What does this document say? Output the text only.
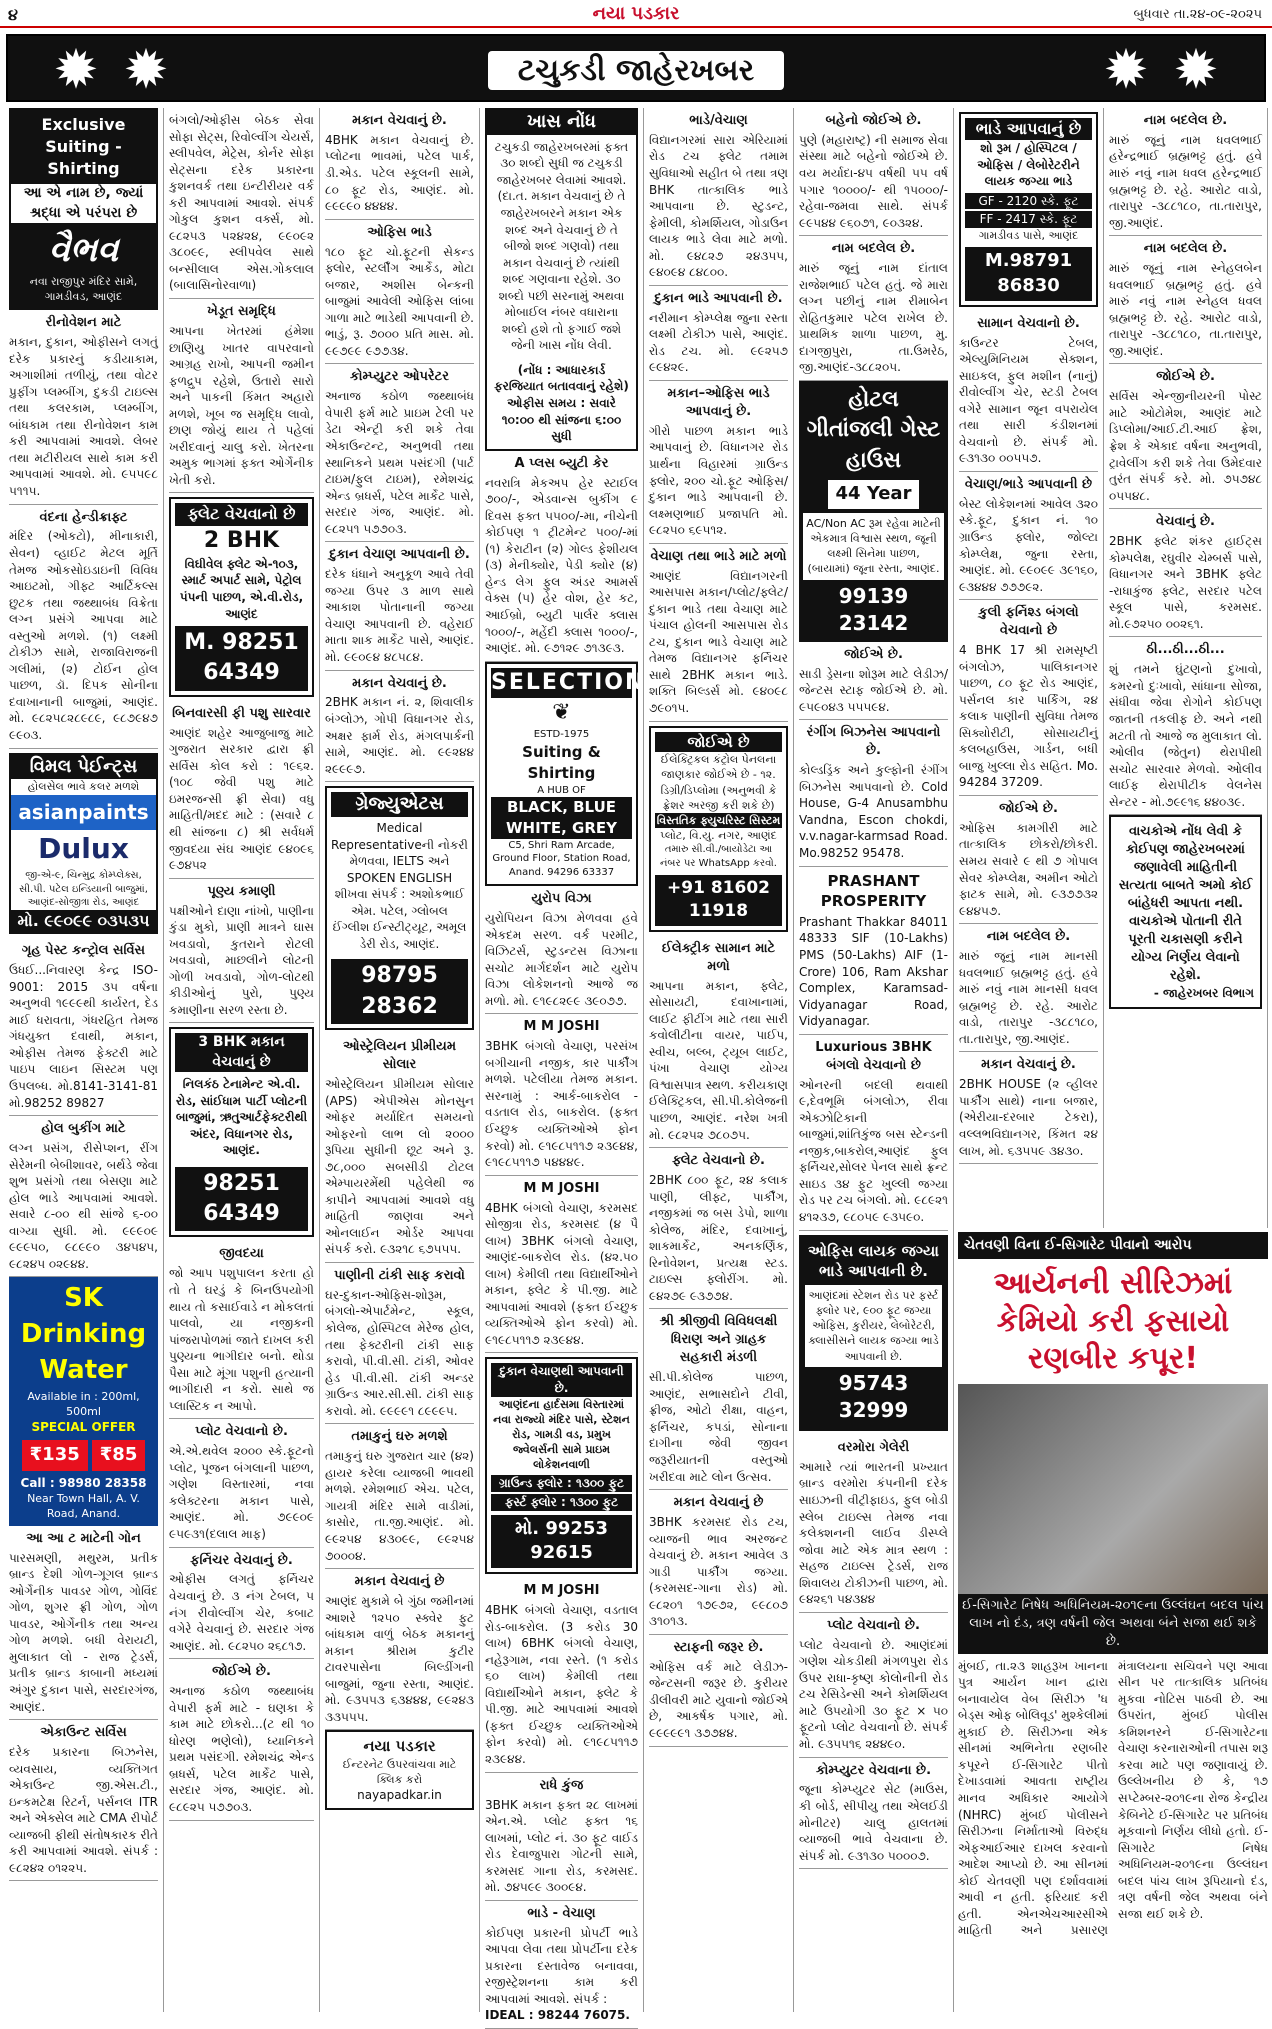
૪	નયા પડકાર	બુધવાર તા.૨૪-૦૯-૨૦૨૫
✹ ✹	ટચુકડી જાહેરખબર	✹ ✹
Exclusive Suiting - Shirting
આ એ નામ છે, જ્યાં શ્રદ્ધા એ પરંપરા છે
વૈભવ
નવા રાજીપુર મંદિર સામે, ગામડીવડ, આણંદ
રીનોવેશન માટે

મકાન, દુકાન, ઓફીસને લગતું દરેક પ્રકારનું કડીયાકામ, અગાશીમાં તળીયું, તથા વોટર પ્રુફીંગ પ્લમ્બીંગ, દુકડી ટાઇલ્સ તથા કલરકામ, પ્લમ્બીંગ, બાંધકામ તથા રીનોવેશન કામ કરી આપવામાં આવશે. લેબર તથા મટીરીયલ સાથે કામ કરી આપવામાં આવશે. મો. ૯૫૫૯૮ ૫૧૧૫.

વંદના હેન્ડીક્રાફ્ટ

મંદિર (ઓકટો), મીનાકારી, સેવન) વ્હાઈટ મેટલ મૂર્તિ તેમજ ઓકસોઇડાઇની વિવિધ આઇટમો, ગીફ્ટ આર્ટિકલ્સ છુટક તથા જથ્થાબંધ વિક્રેતા લગ્ન પ્રસંગે આપવા માટે વસ્તુઓ મળશે. (૧) લક્ષ્મી ટોકીઝ સામે, રાજાવિરાજની ગલીમાં, (૨) ટોઈન હોલ પાછળ, ડૉ. દિપક સોનીના દવાખાનાની બાજુમાં, આણંદ. મો. ૯૮૨૫૮૨૮૯૮૯, ૯૮૭૯૪૭ ૯૯૦૩.

વિમલ પેઈન્ટ્સ
હોલસેલ ભાવે કલર મળશે
asianpaints
Dulux
જી-એ-૯, ચિન્મુદ્ર કોમ્પ્લેક્સ, સી.પી. પટેલ ઇન્ડિયાની બાજુમાં, આણંદ-સોજીત્રા રોડ, આણંદ
મો. ૯૯૦૯૯ ૦૩૫૩૫
ગૃહ પેસ્ટ કન્ટ્રોલ સર્વિસ

ઉધઈ...નિવારણ કેન્દ્ર ISO-9001: 2015 ૩૫ વર્ષના અનુભવી ૧૯૯૯થી કાર્યરત, દેડ માઈ ધરાવતા, ગંધરહિત તેમજ ગંધયુક્ત દવાથી, મકાન, ઓફીસ તેમજ ફેક્ટરી માટે પાઇપ લાઇન સિસ્ટમ પણ ઉપલબ્ધ. મો.8141-3141-81 મો.98252 89827

હોલ બુકીંગ માટે

લગ્ન પ્રસંગ, રીસેપ્શન, રીંગ સેરેમની બેબીશાવર, બર્થડે જેવા શુભ પ્રસંગો તથા બેસણા માટે હોલ ભાડે આપવામાં આવશે. સવારે ૮-૦૦ થી સાંજે ૬-૦૦ વાગ્યા સુધી. મો. ૯૯૯૦૯ ૯૯૯૫૦, ૯૮૯૯૦ ૩૪૫૪૫, ૯૮૨૪૫ ૦૨૯૪૪.

SK Drinking Water
Available in : 200ml, 500ml
SPECIAL OFFER
₹135 ₹85
Call : 98980 28358
Near Town Hall, A. V. Road, Anand.
આ આ ટ માટેની ગોન

પારસમણી, મથુરમ, પ્રતીક બ્રાન્ડ દેશી ગોળ-ગૂગલ બ્રાન્ડ ઓર્ગેનીક પાવડર ગોળ, ગોવિંદ ગોળ, શુગર ફ્રી ગોળ, ગોળ પાવડર, ઓર્ગેનીક તથા અન્ય ગોળ મળશે. બધી વેરાયટી, મુલાકાત લો - રાજ ટ્રેડર્સ, પ્રતીક બ્રાન્ડ કાબાની મધ્યમાં અંગુર દુકાન પાસે, સરદારગંજ, આણંદ.

એકાઉન્ટ સર્વિસ

દરેક પ્રકારના બિઝનેસ, વ્યવસાય, વ્યક્તિગત એકાઉન્ટ જી.એસ.ટી., ઇન્કમટેક્ષ રિટર્ન, પર્સનલ ITR અને એક્સેલ માટે CMA રીપોર્ટ વ્યાજબી ફીથી સંતોષકારક રીતે કરી આપવામાં આવશે. સંપર્ક : ૯૮૨૪૨ ૦૧૨૨૫.

બંગલો/ઓફીસ બેઠક સેવા સોફા સેટ્સ, રિવોલ્વીંગ ચેયર્સ, સ્લીપવેલ, મેટ્રેસ, કોર્નર સોફા સેટ્સના દરેક પ્રકારના કુશનવર્ક તથા ઇન્ટીરીયર વર્ક કરી આપવામાં આવશે. સંપર્ક ગોકુલ કુશન વર્ક્સ, મો. ૯૮૨૫૩ ૫૨૪૨૪, ૯૯૦૯૨ ૩૮૦૯૯, સ્લીપવેલ સાથે બન્સીલાલ એસ.ગોકલાલ (બાલાસિનોરવાળા)

ખેડૂત સમૃદ્ધિ

આપના ખેતરમાં હંમેશા છાણિયુ ખાતર વાપરવાનો આગ્રહ રાખો, આપની જમીન ફળદ્રુપ રહેશે, ઉતારો સારો અને પાકની કિંમત અહારો મળશે, ખૂબ જ સમૃદ્ધિ લાવો, છાણ જોયું થાય તે પહેલાં ખરીદવાનું ચાલુ કરો. ખેતરના અમુક ભાગમાં ફક્ત ઓર્ગેનીક ખેતી કરો.

ફ્લેટ વેચવાનો છે
2 BHK
વિઘીવેલ ફ્લેટ એ-૧૦૩, સ્માર્ટ અપાર્ટ સામે, પેટ્રોલ પંપની પાછળ, એ.વી.રોડ, આણંદ
M. 98251 64349
બિનવારસી ફી પશુ સારવાર

આણંદ શહેર આજુબાજુ માટે ગુજરાત સરકાર દ્વારા ફ્રી સર્વિસ કોલ કરો : ૧૯૬૨. (૧૦૮ જેવી પશુ માટે ઇમરજન્સી ફ્રી સેવા) વધુ માહિતી/મદદ માટે : (સવારે ૮ થી સાંજના ૮) શ્રી સર્વધર્મ જીવદયા સંઘ આણંદ ૯૪૦૯૬ ૯૭૪૫૨

પૂણ્ય કમાણી

પક્ષીઓને દાણા નાંખો, પાણીના કુંડા મુકો, પ્રાણી માત્રને ઘાસ ખવડાવો, કુતરાને રોટલી ખવડાવો, માછલીને લોટની ગોળી ખવડાવો, ગોળ-લોટથી કીડીઓનું પુરો, પુણ્ય કમાણીના સરળ રસ્તા છે.

3 BHK મકાન વેચવાનું છે
નિલકંઠ ટેનામેન્ટ એ.વી. રોડ, સાંઈધામ પાર્ટી પ્લોટની બાજુમાં, ઋતુઆર્ટફેક્ટરીથી અંદર, વિધાનગર રોડ, આણંદ.
98251 64349
જીવદયા

જો આપ પશુપાલન કરતા હો તો તે ઘરડું કે બિનઉપયોગી થાય તો કસાઈવાડે ન મોકલતાં પાલવો, યા નજીકની પાંજરાપોળમાં જાતે દાખલ કરી પુણ્યના ભાગીદાર બનો. થોડા પૈસા માટે મૂંગા પશુની હત્યાની ભાગીદારી ન કરો. સાથે જ પ્લાસ્ટિક ન આપો.

પ્લોટ વેચવાનો છે.

એ.એ.થવેલ ૨૦૦૦ સ્કે.ફૂટનો પ્લોટ, પૂજન બંગલાની પાછળ, ગણેશ વિસ્તારમાં, નવા કલેક્ટરના મકાન પાસે, આણંદ. મો. ૭૯૯૦૯ ૯૫૯૩૧(દલાલ માફ)

ફર્નિચર વેચવાનું છે.

ઓફીસ લગતું ફર્નિચર વેચવાનું છે. ૩ નંગ ટેબલ, ૫ નંગ રીવોલ્વીંગ ચેર, કબાટ વગેરે વેચવાનું છે. સરદાર ગંજ આણંદ. મો. ૯૮૨૫૦ ૨૬૮૧૭.

જોઈએ છે.

અનાજ કઠોળ જથ્થાબંધ વેપારી ફર્મ માટે - ઘણકા કે કામ માટે છોકરો...(ટ થી ૧૦ ધોરણ ભણેલો), ધ્યાનિકને પ્રથમ પસંદગી. રમેશચંદ્ર એન્ડ બ્રધર્સ, પટેલ માર્કેટ પાસે, સરદાર ગંજ, આણંદ. મો. ૯૮૯૨૫ ૫૭૭૦૩.

મકાન વેચવાનું છે.

4BHK મકાન વેચવાનું છે. પ્લોટના ભાવમાં, પટેલ પાર્ક, ડી.એડ. પટેલ સ્કૂલની સામે, ૮૦ ફૂટ રોડ, આણંદ. મો. ૯૯૯૯૦ ૪૪૪૪.

ઓફિસ ભાડે

૧૮૦ ફૂટ ચો.ફૂટની સેકન્ડ ફ્લોર, સ્ટર્લીંગ આર્કેડ, મોટા બજાર, અશીસ બેન્કની બાજુમાં આવેલી ઓફિસ લાંબા ગાળા માટે ભાડેથી આપવાની છે. ભાડું, રૂ. ૭૦૦૦ પ્રતિ માસ. મો. ૯૯૭૯૯ ૯૭૭૩૪.

કોમ્પ્યુટર ઓપરેટર

અનાજ કઠોળ જથ્થાબંધ વેપારી ફર્મ માટે પ્રાઇમ ટેલી પર ડેટા એન્ટ્રી કરી શકે તેવા એકાઉન્ટન્ટ, અનુભવી તથા સ્થાનિકને પ્રથમ પસંદગી (પાર્ટ ટાઇમ/ફુલ ટાઇમ), રમેશચંદ્ર એન્ડ બ્રધર્સ, પટેલ માર્કેટ પાસે, સરદાર ગંજ, આણંદ. મો. ૯૮૨૫૧ ૫૭૭૦૩.

દુકાન વેચાણ આપવાની છે.

દરેક ધંધાને અનુકૂળ આવે તેવી જગ્યા ઉપર ૩ માળ સાથે આકાશ પોતાનાની જગ્યા વેચાણ આપવાની છે. વહેરાઈ માતા શાક માર્કેટ પાસે, આણંદ. મો. ૯૯૦૯૪ ૪૮૫૮૪.

મકાન વેચવાનું છે.

2BHK મકાન નં. ૨, શિવાલીક બંગ્લોઝ, ગોપી વિધાનગર રોડ, અક્ષર ફાર્મ રોડ, મંગલપાર્કની સામે, આણંદ. મો. ૯૯૨૪૪ ૨૯૯૯૭.

ગ્રેજ્યુએટસ
Medical Representativeની નોકરી મેળવવા, IELTS અને SPOKEN ENGLISH શીખવા સંપર્ક : અશોકભાઈ એમ. પટેલ, ગ્લોબલ ઈંગ્લીશ ઈન્સ્ટીટ્યૂટ, અમૂલ ડેરી રોડ, આણંદ.
98795 28362
ઓસ્ટ્રેલિયન પ્રીમીયમ સોલાર

ઓસ્ટ્રેલિયન પ્રીમીયમ સોલાર (APS) એપીએસ મોનસુન ઓફર મર્યાદિત સમયનો ઓફરનો લાભ લો ૨૦૦૦ રૂપિયા સુધીની છૂટ અને રૂ. ૭૮,૦૦૦ સબસીડી ટોટલ એમ્પાયરમેંથી પહેલેથી જ કાપીને આપવામાં આવશે વધુ માહિતી જાણવા અને ઓનલાઈન ઓર્ડર આપવા સંપર્ક કરો. ૯૩૨૧૮ ૬૭૫૫૫.

પાણીની ટાંકી સાફ કરાવો

ઘર-દુકાન-ઓફિસ-શોરૂમ, બંગલો-એપાર્ટમેન્ટ, સ્કૂલ, કોલેજ, હોસ્પિટલ મેરેજ હોલ, તથા ફેક્ટરીની ટાંકી સાફ કરાવો, પી.વી.સી. ટાંકી, ઓવર હેડ પી.વી.સી. ટાંકી અન્ડર ગ્રાઉન્ડ આર.સી.સી. ટાંકી સાફ કરાવો. મો. ૯૯૯૯૧ ૮૯૯૯૫.

તમાકુનું ઘરુ મળશે

તમાકુનું ઘરુ ગુજરાત ચાર (૪૨) હાયર કરેલા વ્યાજબી ભાવથી મળશે. રમેશભાઈ એચ. પટેલ, ગાયત્રી મંદિર સામે વાડીમાં, કાસોર, તા.જી.આણંદ. મો. ૯૯૨૫૪ ૪૩૦૯૯, ૯૯૨૫૪ ૭૦૦૦૪.

મકાન વેચવાનું છે

આણંદ મુકામે બે ગુંઠા જમીનમાં આશરે ૧૨૫૦ સ્ક્વેર ફુટ બાંધકામ વાળું બેઠક મકાનનું મકાન શ્રીરામ કુટીર ટાવરપાસેના બિલ્ડીંગની બાજુમાં, જુના રસ્તા, આણંદ. મો. ૯૩૫૫૩ ૬૩૪૪૪, ૯૯૨૪૩ ૩૩૫૫૫.

નયા પડકાર
ઈન્ટરનેટ ઉપરવાંચવા માટે ક્લિક કરો
nayapadkar.in
ખાસ નોંધ
ટચુકડી જાહેરખબરમાં ફક્ત ૩૦ શબ્દો સુધી જ ટચુકડી જાહેરખબર લેવામાં આવશે. (દા.ત. મકાન વેચવાનું છે તે જાહેરખબરને મકાન એક શબ્દ અને વેચવાનું છે તે બીજો શબ્દ ગણવો) તથા મકાન વેચવાનું છે ત્યાંથી શબ્દ ગણવાના રહેશે. ૩૦ શબ્દો પછી સરનામું અથવા મોબાઈલ નંબર વધારાના શબ્દો હશે તો ફગાઈ જશે જેની ખાસ નોંધ લેવી.
(નોંધ : આધારકાર્ડ ફરજિયાત બતાવવાનું રહેશે) ઓફીસ સમય : સવારે ૧૦:૦૦ થી સાંજના ૬:૦૦ સુધી
A પ્લસ બ્યુટી કેર

નવરાત્રિ મેકઅપ હેર સ્ટાઈલ ૭૦૦/-, એડવાન્સ બુકીંગ ૯ દિવસ ફક્ત ૫૫૦૦/-મા, નીચેની કોઈપણ ૧ ટ્રીટમેન્ટ ૫૦૦/-માં (૧) કેરાટીન (૨) ગોલ્ડ ફેશીયલ (૩) મેનીક્યોર, પેડી ક્યોર (૪) હેન્ડ લેગ ફુલ અંડર આમર્સ વેક્સ (૫) હેર વોશ, હેર કટ, આઈબ્રો, બ્યુટી પાર્લર ક્લાસ ૧૦૦૦/-, મહેંદી ક્લાસ ૧૦૦૦/-, આણંદ. મો. ૯૭૧૨૯ ૭૧૩૯૩.

SELECTION
❦
ESTD-1975
Suiting & Shirting
A HUB OF
BLACK, BLUE WHITE, GREY
C5, Shri Ram Arcade, Ground Floor, Station Road, Anand. 94296 63337
યુરોપ વિઝા

યુરોપિયન વિઝા મેળવવા હવે એકદમ સરળ. વર્ક પરમીટ, વિઝિટર્સ, સ્ટુડન્ટસ વિઝાના સચોટ માર્ગદર્શન માટે યુરોપ વિઝા લોકેશનનો આજે જ મળો. મો. ૯૧૯૮૨૯૯ ૩૯૦૭૭.

M M JOSHI

3BHK બંગલો વેચાણ, પરસંખ બગીચાની નજીક, કાર પાર્કીંગ મળશે. પટેલીયા તેમજ મકાન. સરનામું : આર્ક-બાકરોલ - વડતાલ રોડ, બાકરોલ. (ફક્ત ઈચ્છુક વ્યક્તિઓએ ફોન કરવો) મો. ૯૧૯૮૫૧૧૭ ૨૩૯૪૪, ૯૧૯૮૫૧૧૭ ૫૪૪૪૯.

M M JOSHI

4BHK બંગલો વેચાણ, કરમસદ સોજીત્રા રોડ, કરમસદ (૪ પૈ લાખ) 3BHK બંગલો વેચાણ, આણંદ-બાકરોલ રોડ. (૪૨.૫૦ લાખ) કેમીલી તથા વિદ્યાર્થીઓને મકાન, ફ્લેટ કે પી.જી. માટે આપવામાં આવશે (ફક્ત ઈચ્છુક વ્યક્તિઓએ ફોન કરવો) મો. ૯૧૯૮૫૧૧૭ ૨૩૯૪૪.

દુકાન વેચાણથી આપવાની છે.
આણંદના હાર્દસમા વિસ્તારમાં નવા રાજ્યો મંદિર પાસે, સ્ટેશન રોડ, ગામડી વડ, પ્રમુખ જ્વેલર્સની સામે પ્રાઇમ લોકેશનવાળી
ગ્રાઉન્ડ ફ્લોર : ૧૩૦૦ ફુટ
ફર્સ્ટ ફ્લોર : ૧૩૦૦ ફુટ
મો. 99253 92615
M M JOSHI

4BHK બંગલો વેચાણ, વડતાલ રોડ-બાકરોલ. (3 કરોડ 30 લાખ) 6BHK બંગલો વેચાણ, નહેરૂગામ, નવા રસ્તે. (૧ કરોડ ૬૦ લાખ) કેમીલી તથા વિદ્યાર્થીઓને મકાન, ફ્લેટ કે પી.જી. માટે આપવામાં આવશે (ફક્ત ઈચ્છુક વ્યક્તિઓએ ફોન કરવો) મો. ૯૧૯૮૫૧૧૭ ૨૩૯૪૪.

રાધે કુંજ

3BHK મકાન ફક્ત ૨૮ લાખમાં એન.એ. પ્લોટ ફક્ત ૧૬ લાખમાં, પ્લોટ નં. ૩૦ ફૂટ વાઈડ રોડ દેવાજુપારા ગોટની સામે, કરમસદ ગાના રોડ, કરમસદ. મો. ૭૪૫૯૯ ૩૦૦૯૪.

ભાડે - વેચાણ

કોઈપણ પ્રકારની પ્રોપર્ટી ભાડે આપવા લેવા તથા પ્રોપર્ટીના દરેક પ્રકારના દસ્તાવેજ બનાવવા, રજીસ્ટ્રેશનના કામ કરી આપવામાં આવશે. સંપર્ક :

IDEAL : 98244 76075.

ભાડે/વેચાણ

વિદ્યાનગરમાં સારા એરિયામાં રોડ ટચ ફ્લેટ તમામ સુવિધાઓ સહીત બે તથા ત્રણ BHK તાત્કાલિક ભાડે આપવાના છે. સ્ટુડન્ટ, ફેમીલી, કોમર્શિયલ, ગોડાઉન લાયક ભાડે લેવા માટે મળો. મો. ૯૪૮૨૭ ૨૪૩૫૫, ૯૪૦૯૪ ૮૪૮૦૦.

દુકાન ભાડે આપવાની છે.

નરીમાન કોમ્પ્લેક્ષ જુના રસ્તા લક્ષ્મી ટોકીઝ પાસે, આણંદ. રોડ ટચ. મો. ૯૯૨૫૭ ૯૯૪૨૯.

મકાન–ઓફિસ ભાડે આપવાનું છે.

ગીરો પાછળ મકાન ભાડે આપવાનું છે. વિધાનગર રોડ પ્રાર્થના વિહારમાં ગ્રાઉન્ડ ફ્લોર, ૨૦૦ ચો.ફૂટ ઓફિસ/દુકાન ભાડે આપવાની છે. લક્ષ્મણભાઈ પ્રજાપતિ મો. ૯૮૨૫૦ ૬૯૫૧૨.

વેચાણ તથા ભાડે માટે મળો

આણંદ વિદ્યાનગરની આસપાસ મકાન/પ્લોટ/ફ્લેટ/દુકાન ભાડે તથા વેચાણ માટે પંચાલ હોલની આસપાસ રોડ ટચ, દુકાન ભાડે વેચાણ માટે તેમજ વિદ્યાનગર ફર્નિચર સાથે 2BHK મકાન ભાડે. શક્તિ બિલ્ડર્સ મો. ૯૪૦૯૮ ૭૯૦૧૫.

જોઈએ છે
ઈલેક્ટ્રિકલ કંટ્રોલ પેનલના જાણકાર જોઈએ છે - ૧૨. ડિગ્રી/ડિપ્લોમા (અનુભવી કે ફ્રેશર અરજી કરી શકે છે)
વિસ્તતિક ફ્યુચરિસ્ટ સિસ્ટમ
પ્લોટ, વિ.યુ. નગર, આણંદ
તમારુ સી.વી./બાયોડેટા આ નંબર પર WhatsApp કરવો.
+91 81602 11918
ઈલેક્ટ્રીક સામાન માટે મળો

આપના મકાન, ફ્લેટ, સોસાયટી, દવાખાનામાં, લાઈટ ફીટીંગ માટે તથા સારી કવોલીટીના વાયર, પાઈપ, સ્વીચ, બલ્બ, ટ્યૂબ લાઈટ, પંખા વેચાણ યોગ્ય વિશ્વાસપાત્ર સ્થળ. કરીયકાણ ઈલેક્ટ્રિકલ, સી.પી.કોલેજની પાછળ, આણંદ. નરેશ ખત્રી મો. ૯૮૨૫૨ ૭૮૦૭૫.

ફ્લેટ વેચવાનો છે.

2BHK ૮૦૦ ફૂટ, ૨૪ કલાક પાણી, લીફ્ટ, પાર્કીંગ, નજીકમાં જ બસ ડેપો, શાળા કોલેજ, મંદિર, દવાખાનું, શાકમાર્કેટ, અનકર્ણિક, રિનોવેશન, પ્રત્યક્ષ સ્ટડ. ટાઇલ્સ ફ્લોરીંગ. મો. ૯૪૨૭૯ ૯૩૭૭૪.

શ્રી શ્રીજીવી વિવિધલક્ષી ધિરાણ અને ગ્રાહક સહકારી મંડળી

સી.પી.કોલેજ પાછળ, આણંદ, સભાસદોને ટીવી, ફ્રીજ, ઓટો રીક્ષા, વાહન, ફર્નિચર, કપડાં, સોનાના દાગીના જેવી જીવન જરૂરીયાતની વસ્તુઓ ખરીદવા માટે લોન ઉત્સવ.

મકાન વેચવાનું છે

3BHK કરમસદ રોડ ટચ, વ્યાજની ભાવ અરજન્ટ વેચવાનું છે. મકાન આવેલ ૩ ગાડી પાર્કીંગ જગ્યા. (કરમસદ-ગાના રોડ) મો. ૯૮૨૦૧ ૧૭૯૭૨, ૯૯૮૦૭ ૩૧૦૧૩.

સ્ટાફની જરૂર છે.

ઓફિસ વર્ક માટે લેડીઝ-જેન્ટસની જરૂર છે. કુરીયર ડીલીવરી માટે યુવાનો જોઈએ છે, આકર્ષક પગાર, મો. ૯૯૯૯૯૧ ૩૭૭૪૪.

બહેનો જોઈએ છે.

પુણે (મહારાષ્ટ્ર) ની સમાજ સેવા સંસ્થા માટે બહેનો જોઈએ છે. વય મર્યાદા-૪૫ વર્ષથી ૫૫ વર્ષ પગાર ૧૦૦૦૦/- થી ૧૫૦૦૦/- રહેવા-જમવા સાથે. સંપર્ક ૯૯૫૪૪ ૯૬૦૭૧, ૯૦૩૨૪.

નામ બદલેલ છે.

મારું જૂનું નામ દાંતાલ રાજેશભાઈ પટેલ હતું. જે મારા લગ્ન પછીનું નામ રીમાબેન રોહિતકુમાર પટેલ રાખેલ છે. પ્રાથમિક શાળા પાછળ, મુ. દાગજીપુરા, તા.ઉમરેઠ, જી.આણંદ-૩૮૮૨૦૫.

હોટલ ગીતાંજલી ગેસ્ટ હાઉસ
44 Year
AC/Non AC રૂમ રહેવા માટેની એકમાત્ર વિશ્વાસ સ્થળ, જૂની લક્ષ્મી સિનેમા પાછળ, (બાયામાં) જૂના રસ્તા, આણંદ.
99139 23142
જોઈએ છે.

સાડી ડ્રેસના શોરૂમ માટે લેડીઝ/જેન્ટસ સ્ટાફ જોઈએ છે. મો. ૯૫૯૦૪૩ ૫૫૫૯૪.

રંગીંગ બિઝનેસ આપવાનો છે.

કોલ્ડડ્રિંક અને કુલ્ફોની રંગીંગ બિઝનેસ આપવાનો છે. Cold House, G-4 Anusambhu Vandna, Escon chokdi, v.v.nagar-karmsad Road. Mo.98252 95478.

PRASHANT PROSPERITY

Prashant Thakkar 84011 48333 SIF (10-Lakhs) PMS (50-Lakhs) AIF (1-Crore) 106, Ram Akshar Complex, Karamsad-Vidyanagar Road, Vidyanagar.

Luxurious 3BHK બંગલો વેચવાનો છે

ઓનરની બદલી થવાથી ૯,દેવભૂમિ બંગલોઝ, રીવા એક્ઝોટિકાની બાજુમાં,શાંતિકુંજ બસ સ્ટેન્ડની નજીક,બાકરોલ,આણંદ ફુલ ફર્નિચર,સોલર પેનલ સાથે ફ્રન્ટ સાઇડ ૩૪ ફુટ ખુલ્લી જગ્યા રોડ પર ટચ બંગલો. મો. ૯૮૯૨૧ ૪૧૨૩૭, ૯૮૦૫૯ ૯૩૫૯૦.

ઓફિસ લાયક જગ્યા ભાડે આપવાની છે.
આણંદમાં સ્ટેશન રોડ પર ફર્સ્ટ ફ્લોર પર, ૯૦૦ ફૂટ જગ્યા ઓફિસ, કુરીયર, લેબોરેટરી, ક્લાસીસને લાયક જગ્યા ભાડે આપવાની છે.
95743 32999
વરમોરા ગેલેરી

આમારે ત્યાં ભારતની પ્રખ્યાત બ્રાન્ડ વરમોરા કંપનીની દરેક સાઇઝની વીટ્રીફાઇડ, ફુલ બોડી સ્લેબ ટાઇલ્સ તેમજ નવા કલેક્શનની લાઈવ ડીસ્પ્લે જોવા માટે એક માત્ર સ્થળ : સહજ ટાઇલ્સ ટ્રેડર્સ, રાજ શિવાલય ટોકીઝની પાછળ, મો. ૯૪૨૬૧ ૫૪૩૪૪

પ્લોટ વેચવાનો છે.

પ્લોટ વેચવાનો છે. આણંદમાં ગણેશ ચોકડીથી મંગળપુરા રોડ ઉપર રાધા-કૃષ્ણ કોલોનીની રોડ ટચ રેસિડેન્સી અને કોમર્શિયલ માટે ઉપયોગી ૩૦ ફૂટ × ૫૦ ફૂટનો પ્લોટ વેચવાનો છે. સંપર્ક મો. ૯૩૫૫૧૬ ૨૪૪૯૦.

કોમ્પ્યુટર વેચવાના છે.

જૂના કોમ્પ્યુટર સેટ (માઉસ, કી બોર્ડ, સીપીયુ તથા એલઈડી મોનીટર) ચાલુ હાલતમાં વ્યાજબી ભાવે વેચવાના છે. સંપર્ક મો. ૯૩૧૩૦ ૫૦૦૦૭.

ભાડે આપવાનું છે
શો રૂમ / હોસ્પિટલ / ઓફિસ / લેબોરેટરીને લાયક જગ્યા ભાડે
GF - 2120 સ્કે. ફૂટ
FF - 2417 સ્કે. ફૂટ
ગામડીવડ પાસે, આણંદ
M.98791 86830
સામાન વેચવાનો છે.

કાઉન્ટર ટેબલ, એલ્યુમિનિયમ સેક્શન, સાઇકલ, ફુલ મશીન (નાનું) રીવોલ્વીંગ ચેર, સ્ટડી ટેબલ વગેરે સામાન જૂન વપરાયેલ તથા સારી કંડીશનમાં વેચવાનો છે. સંપર્ક મો. ૯૩૧૩૦ ૦૦૫૫૭.

વેચાણ/ભાડે આપવાની છે

બેસ્ટ લોકેશનમાં આવેલ ૩૨૦ સ્કે.ફૂટ, દુકાન નં. ૧૦ ગ્રાઉન્ડ ફ્લોર, જોલ્ટા કોમ્પ્લેક્ષ, જુના રસ્તા, આણંદ. મો. ૯૯૦૯૯ ૩૯૧૬૦, ૯૩૪૪૪ ૭૭૭૯૨.

કુલી ફર્નિશ્ડ બંગલો વેચવાનો છે

4 BHK 17 શ્રી રામસૃષ્ટી બંગલોઝ, પાલિકાનગર પાછળ, ૮૦ ફૂટ રોડ આણંદ, પર્સનલ કાર પાર્કિંગ, ૨૪ કલાક પાણીની સુવિધા તેમજ સિક્યોરીટી, સોસાયટીનું કલબહાઉસ, ગાર્ડન, બધી બાજુ ખુલ્લા રોડ સહિત. Mo. 94284 37209.

જોઈએ છે.

ઓફિસ કામગીરી માટે તાત્કાલિક છોકરો/છોકરી. સમય સવારે ૯ થી ૭ ગોપાલ સેવર કોમ્પ્લેક્ષ, અમીન ઓટો ફાટક સામે, મો. ૯૩૭૭૩૨ ૯૪૪૫૭.

નામ બદલેલ છે.

મારું જૂનું નામ માનસી ધવલભાઈ બ્રહ્મભટ્ટ હતું. હવે મારું નવું નામ માનસી ધવલ બ્રહ્મભટ્ટ છે. રહે. આરોટ વાડો, તારાપુર -૩૮૮૧૮૦, તા.તારાપુર, જી.આણંદ.

મકાન વેચવાનું છે.

2BHK HOUSE (૨ વ્હીલર પાર્કીંગ સાથે) નાના બજાર, (એરીયા-દરબાર ટેકરા), વલ્લભવિદ્યાનગર, કિંમત ૨૪ લાખ, મો. ૬૩૫૫૯ ૩૪૩૦.

નામ બદલેલ છે.

મારું જૂનું નામ ધવલભાઈ હરેન્દ્રભાઈ બ્રહ્મભટ્ટ હતું. હવે મારું નવું નામ ધવલ હરેન્દ્રભાઈ બ્રહ્મભટ્ટ છે. રહે. આરોટ વાડો, તારાપુર -૩૮૮૧૮૦, તા.તારાપુર, જી.આણંદ.

નામ બદલેલ છે.

મારું જૂનું નામ સ્નેહલબેન ધવલભાઈ બ્રહ્મભટ્ટ હતું. હવે મારું નવું નામ સ્નેહલ ધવલ બ્રહ્મભટ્ટ છે. રહે. આરોટ વાડો, તારાપુર -૩૮૮૧૮૦, તા.તારાપુર, જી.આણંદ.

જોઈએ છે.

સર્વિસ એન્જીનીયરની પોસ્ટ માટે ઓટોમેશ, આણંદ માટે ડિપ્લોમા/આઈ.ટી.આઈ ફ્રેશ, ફ્રેશ કે એકાદ વર્ષના અનુભવી, ટ્રાવેલીંગ કરી શકે તેવા ઉમેદવાર તુરંત સંપર્ક કરે. મો. ૭૫૭૪૮ ૦૫૫૪૮.

વેચવાનું છે.

2BHK ફ્લેટ શંકર હાઈટ્સ કોમ્પલેક્ષ, રઘુવીર ચેમ્બર્સ પાસે, વિધાનગર અને 3BHK ફ્લેટ -રાધાકુંજ ફ્લેટ, સરદાર પટેલ સ્કૂલ પાસે, કરમસદ. મો.૯૭૨૫૦ ૦૦૨૬૧.

ઠી...ઠી...ઠી...

શું તમને ઘુંટણનો દુખાવો, કમરનો દુઃખાવો, સાંધાના સોજા, સંધીવા જેવા રોગોને કોઈપણ જાતની તકલીફ છે. અને નથી મટતી તો આજે જ મુલાકાત લો. ઓલીવ (જેતુન) થેરાપીથી સચોટ સારવાર મેળવો. ઓલીવ લાઈફ થેરાપીટીક વેલનેસ સેન્ટર - મો.૭૯૯૧૬ ૪૪૦૩૯.

વાચકોએ નોંધ લેવી કે કોઈપણ જાહેરખબરમાં જણાવેલી માહિતીની સત્યતા બાબતે અમો કોઈ બાંહેધરી આપતા નથી. વાચકોએ પોતાની રીતે પૂરતી ચકાસણી કરીને યોગ્ય નિર્ણય લેવાનો રહેશે.

- જાહેરખબર વિભાગ

ચેતવણી વિના ઈ-સિગારેટ પીવાનો આરોપ
આર્યનની સીરિઝમાં કેમિયો કરી ફસાયો રણબીર કપૂર!
ઈ-સિગારેટ નિષેધ અધિનિયમ-૨૦૧૯ના ઉલ્લંઘન બદલ પાંચ લાખ નો દંડ, ત્રણ વર્ષની જેલ અથવા બંને સજા થઈ શકે છે.
મુંબઈ, તા.૨૩ શાહરૂખ ખાનના પુત્ર આર્યન ખાન દ્વારા બનાવાયેલ વેબ સિરીઝ 'ધ બેડ્સ ઓફ બોલિવૂડ' મુશ્કેલીમાં મુકાઈ છે. સિરીઝના એક સીનમાં અભિનેતા રણબીર કપૂરને ઈ-સિગારેટ પીતો દેખાડવામાં આવતા રાષ્ટ્રીય માનવ અધિકાર આયોગે (NHRC) મુંબઈ પોલીસને સિરીઝના નિર્માતાઓ વિરુદ્ધ એફઆઈઆર દાખલ કરવાનો આદેશ આપ્યો છે. આ સીનમાં કોઈ ચેતવણી પણ દર્શાવવામાં આવી ન હતી. ફરિયાદ કરી હતી. એનએચઆરસીએ માહિતી અને પ્રસારણ મંત્રાલયના સચિવને પણ આવા સીન પર તાત્કાલિક પ્રતિબંધ મુકવા નોટિસ પાઠવી છે. આ ઉપરાંત, મુંબઈ પોલીસ કમિશનરને ઈ-સિગારેટના વેચાણ કરનારાઓની તપાસ શરૂ કરવા માટે પણ જણાવાયું છે. ઉલ્લેખનીય છે કે, ૧૭ સપ્ટેમ્બર-૨૦૧૯ના રોજ કેન્દ્રીય કેબિનેટે ઈ-સિગારેટ પર પ્રતિબંધ મૂકવાનો નિર્ણય લીધો હતો. ઈ-સિગારેટ નિષેધ અધિનિયમ-૨૦૧૯ના ઉલ્લંઘન બદલ પાંચ લાખ રૂપિયાનો દંડ, ત્રણ વર્ષની જેલ અથવા બંને સજા થઈ શકે છે.
